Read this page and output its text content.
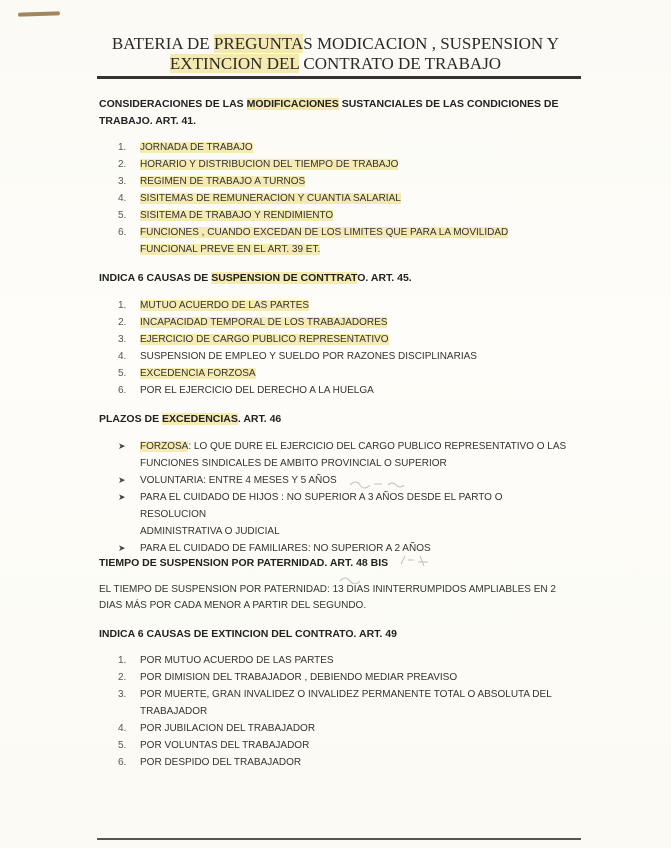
BATERIA DE PREGUNTAS MODICACION , SUSPENSION Y
EXTINCION DEL CONTRATO DE TRABAJO
CONSIDERACIONES DE LAS MODIFICACIONES SUSTANCIALES DE LAS CONDICIONES DE
TRABAJO. ART. 41.
1. JORNADA DE TRABAJO
2. HORARIO Y DISTRIBUCION DEL TIEMPO DE TRABAJO
3. REGIMEN DE TRABAJO A TURNOS
4. SISITEMAS DE REMUNERACION Y CUANTIA SALARIAL
5. SISITEMA DE TRABAJO Y RENDIMIENTO
6. FUNCIONES , CUANDO EXCEDAN DE LOS LIMITES QUE PARA LA MOVILIDAD
FUNCIONAL PREVE EN EL ART. 39 ET.
INDICA 6 CAUSAS DE SUSPENSION DE CONTTRATO. ART. 45.
1. MUTUO ACUERDO DE LAS PARTES
2. INCAPACIDAD TEMPORAL DE LOS TRABAJADORES
3. EJERCICIO DE CARGO PUBLICO REPRESENTATIVO
4. SUSPENSION DE EMPLEO Y SUELDO POR RAZONES DISCIPLINARIAS
5. EXCEDENCIA FORZOSA
6. POR EL EJERCICIO DEL DERECHO A LA HUELGA
PLAZOS DE EXCEDENCIAS. ART. 46
➤ FORZOSA: LO QUE DURE EL EJERCICIO DEL CARGO PUBLICO REPRESENTATIVO O LAS
FUNCIONES SINDICALES DE AMBITO PROVINCIAL O SUPERIOR
➤ VOLUNTARIA: ENTRE 4 MESES Y 5 AÑOS
➤ PARA EL CUIDADO DE HIJOS : NO SUPERIOR A 3 AÑOS DESDE EL PARTO O RESOLUCION
ADMINISTRATIVA O JUDICIAL
➤ PARA EL CUIDADO DE FAMILIARES: NO SUPERIOR A 2 AÑOS
TIEMPO DE SUSPENSION POR PATERNIDAD. ART. 48 BIS
EL TIEMPO DE SUSPENSION POR PATERNIDAD: 13 DIAS ININTERRUMPIDOS AMPLIABLES EN 2
DIAS MÁS POR CADA MENOR A PARTIR DEL SEGUNDO.
INDICA 6 CAUSAS DE EXTINCION DEL CONTRATO. ART. 49
1. POR MUTUO ACUERDO DE LAS PARTES
2. POR DIMISION DEL TRABAJADOR , DEBIENDO MEDIAR PREAVISO
3. POR MUERTE, GRAN INVALIDEZ O INVALIDEZ PERMANENTE TOTAL O ABSOLUTA DEL
TRABAJADOR
4. POR JUBILACION DEL TRABAJADOR
5. POR VOLUNTAS DEL TRABAJADOR
6. POR DESPIDO DEL TRABAJADOR
